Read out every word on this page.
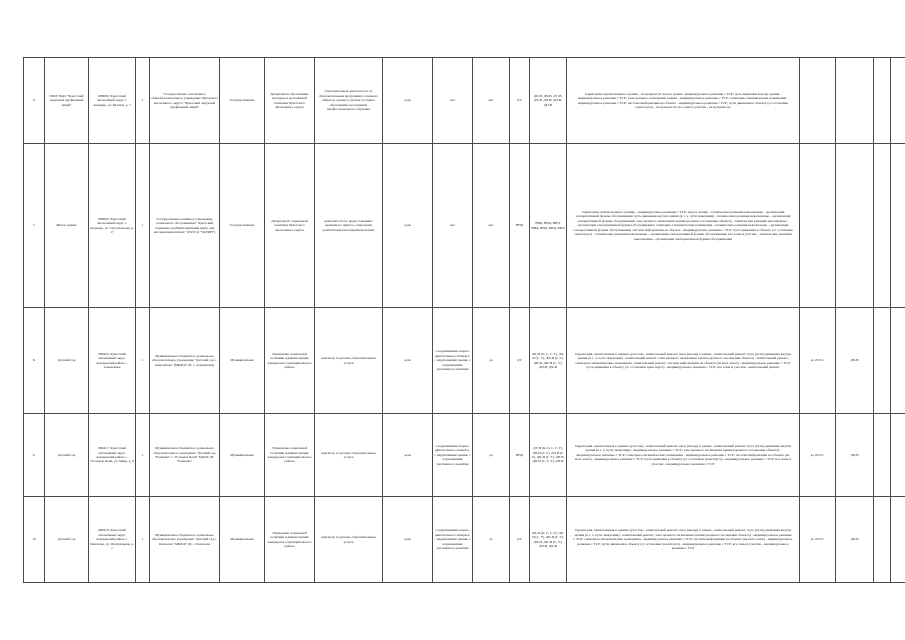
8	ГБОУ ЧАО "Чукотский окружной профильный лицей"	689000, Чукотский автономный округ, г. Анадырь, ул. Базовая, д. 7	1	Государственное автономное общеобразовательное учреждение Чукотского автономного округа "Чукотский окружной профильный лицей"	Государственная	Департамент образования, культуры и молодёжной политики Чукотского автономного округа	образовательная деятельность по образовательным программам основного общего и среднего (полного) общего образования, программам профессионального обучения	дети	нет	нет	ДУ	ДП-В, ДЧ-В, ДУ-В, ДЧ-В, ДЧ-В, ДП-В, ДП-В	территория, прилегающая к зданию - не нуждается; вход в здание -индивидуальное решение с ТСР; путь движения внутри здания - индивидуальное решение с ТСР; зона целевого назначения здания - индивидуальное решение с ТСР; санитарно-гигиенические помещения - индивидуальное решение с ТСР; система информации на объекте - индивидуальное решение с ТСР; пути движения к объекту (от остановки транспорта) - не нуждается; все зоны и участки - не нуждаются.					
7.	Жилое здание	689000, Чукотский автономный округ, г. Анадырь, ул. Строительная, д. 17	1	Государственное казённое учреждение социального обслуживания "Чукотский социально-реабилитационный центр для несовершеннолетних" (ГКУСО "ЧСРЦН")	Государственная	Департамент социальной политики Чукотского автономного округа	деятельность по предоставлению временного приюта, социальная реабилитация несовершеннолетних	дети	нет	нет	ВНД	ВНД, ВНД, ВНД, ВНД, ВНД, ВНД, ВНД	территория, прилегающая к зданию - индивидуальное решение с ТСР; вход в здание - технические решения невозможны - организация альтернативной формы обслуживания; путь движения внутри здания (в т. ч. пути эвакуации) - технические решения невозможны - организация альтернативной формы обслуживания; зона целевого назначения здания (целевого посещения объекта) - технические решения невозможны - организация альтернативной формы обслуживания; санитарно-гигиенические помещения - технические решения невозможны - организация альтернативной формы обслуживания; система информации на объекте - индивидуальное решение с ТСР; пути движения к объекту (от остановки транспорта) - технические решения невозможны - организация альтернативной формы обслуживания; все зоны и участки - технические решения невозможны - организация альтернативной формы обслуживания					
8.	Детский сад	689425, Чукотский автономный округ, Анадырский район, с. Алькатваам	1	Муниципальное бюджетное дошкольное образовательное учреждение "Детский сад с. Алькатваам" (МБДОУ ДС с. Алькатваам)	Муниципальная	Управление социальной политики Администрации Анадырского муниципального района	присмотр за детьми, образовательные услуги	дети	с нарушениями опорно-двигательного аппарата, с нарушениями зрения, с нарушениями умственного развития	да	ДУ	ДЧ-И (О, С, Г, У), ДЧ-И (С, У), ДЧ-И (Г, У), ДП-И, ДП-И (С, У), ДП-В, ДЧ-В	Территория, прилегающая к зданию (участок) - капитальный ремонт; вход (входы) в здание - капитальный ремонт; путь (пути) движения внутри здания (в т. ч. пути эвакуации) - капитальный ремонт; зона целевого назначения здания (целевого посещения объекта) - капитальный ремонт; санитарно-гигиенические помещения - капитальный ремонт; система информации на объекте (на всех зонах) - индивидуальное решение с ТСР; пути движения к объекту (от остановки транспорта) - индивидуальное решение с ТСР; все зоны и участки - капитальный ремонт	до 2015 г.	ДП-В			
9.	Детский сад	689417, Чукотский автономный округ, Анадырский район, с. Угольные Копи, ул. Мира, д. 8	1	Муниципальное бюджетное дошкольное образовательное учреждение "Детский сад "Ромашка" с. Угольные Копи" МДОУ ДС "Ромашка"	Муниципальная	Управление социальной политики Администрации Анадырского муниципального района	присмотр за детьми, образовательные услуги	дети	с нарушениями опорно-двигательного аппарата, с нарушениями зрения, с нарушениями умственного развития	да	ВНД	ДУ-В (К, О, С, Г, У), ДП-И (Г, У), ДЧ-И (Г, У), ДП-И (Г, У), ДП-В, ДП-И (С, Г, У), ДП-В	Территория, прилегающая к зданию (участок) - капитальный ремонт; вход (входы) в здание - капитальный ремонт; путь (пути) движения внутри здания (в т. ч. пути эвакуации) - индивидуальное решение с ТСР; зона целевого назначения здания (целевого посещения объекта) - индивидуальное решение с ТСР; санитарно-гигиенические помещения - индивидуальное решение с ТСР; система информации на объекте (на всех зонах) - индивидуальное решение с ТСР; пути движения к объекту (от остановки транспорта) - индивидуальное решение с ТСР; все зоны и участки - индивидуальное решение с ТСР	до 2015 г.	ДП-В			
10	Детский сад	689418, Чукотский автономный округ, Анадырский район, с. Канчалан, ул. Центральная, д. 1	1	Муниципальное бюджетное дошкольное образовательное учреждение "Детский сад с. Канчалан" МБДОУ ДС с. Канчалан	Муниципальная	Управление социальной политики Администрации Анадырского муниципального района	присмотр за детьми, образовательные услуги	дети	с нарушениями опорно-двигательного аппарата, с нарушениями зрения, с нарушениями умственного развития	да	ДУ	ДЧ-И (О, С, Г, У), ДЧ-И (С, У), ДП-И (Г, У), ДП-И, ДП-И (С, У), ДП-В, ДЧ-В	Территория, прилегающая к зданию (участок) - капитальный ремонт; вход (входы) в здание - капитальный ремонт; путь (пути) движения внутри здания (в т. ч. пути эвакуации) - капитальный ремонт; зона целевого назначения здания (целевого посещения объекта) - индивидуальное решение с ТСР; санитарно-гигиенические помещения - индивидуальное решение с ТСР; система информации на объекте (на всех зонах) - индивидуальное решение с ТСР; пути движения к объекту (от остановки транспорта) - индивидуальное решение с ТСР; все зоны и участки - индивидуальное решение с ТСР	до 2015 г.	ДП-В			
